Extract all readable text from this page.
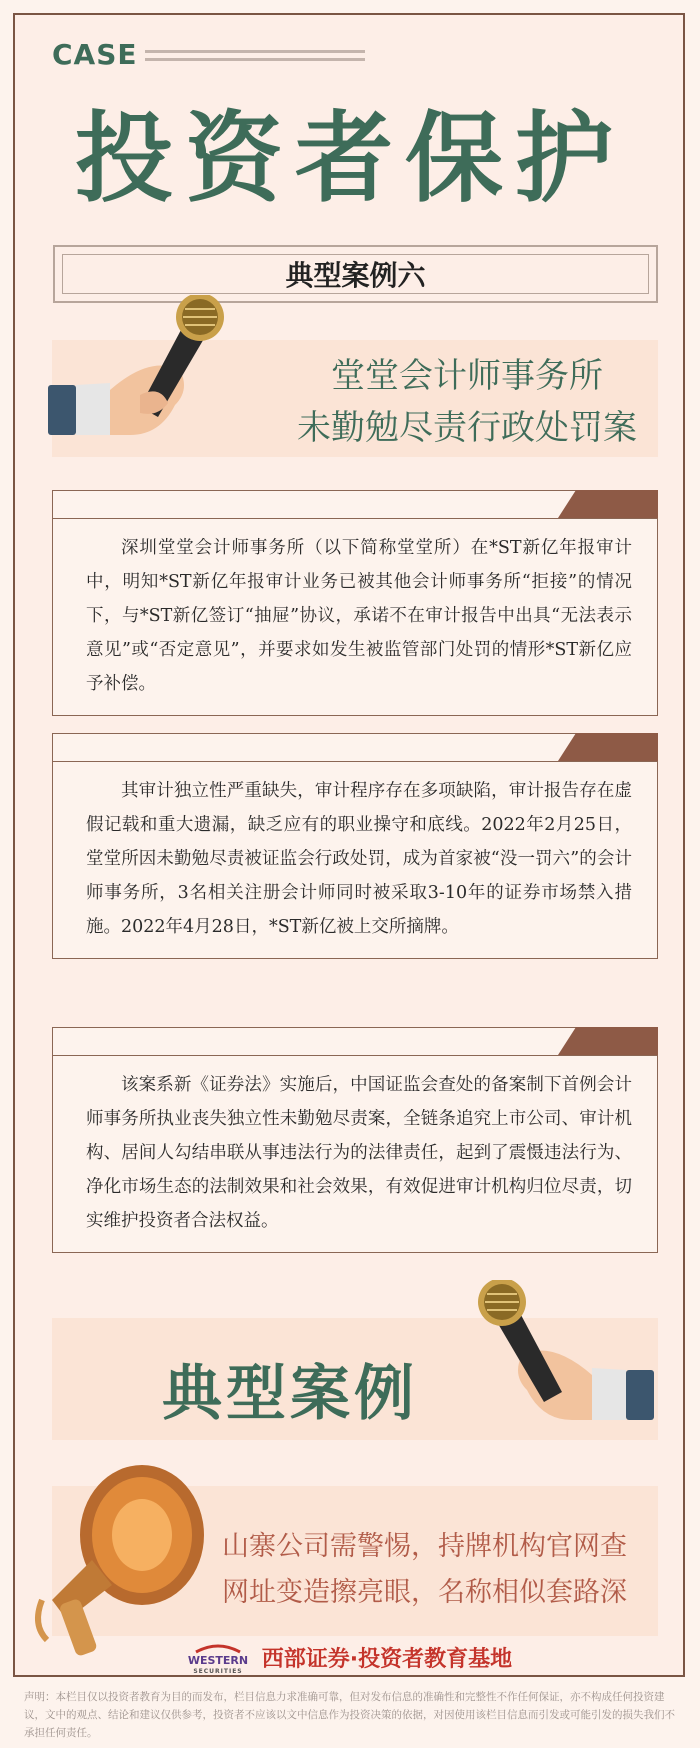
CASE
投资者保护
典型案例六
堂堂会计师事务所
未勤勉尽责行政处罚案
深圳堂堂会计师事务所（以下简称堂堂所）在*ST新亿年报审计中，明知*ST新亿年报审计业务已被其他会计师事务所“拒接”的情况下，与*ST新亿签订“抽屉”协议，承诺不在审计报告中出具“无法表示意见”或“否定意见”，并要求如发生被监管部门处罚的情形*ST新亿应予补偿。
其审计独立性严重缺失，审计程序存在多项缺陷，审计报告存在虚假记载和重大遗漏，缺乏应有的职业操守和底线。2022年2月25日，堂堂所因未勤勉尽责被证监会行政处罚，成为首家被“没一罚六”的会计师事务所，3名相关注册会计师同时被采取3-10年的证券市场禁入措施。2022年4月28日，*ST新亿被上交所摘牌。
该案系新《证券法》实施后，中国证监会查处的备案制下首例会计师事务所执业丧失独立性未勤勉尽责案，全链条追究上市公司、审计机构、居间人勾结串联从事违法行为的法律责任，起到了震慑违法行为、净化市场生态的法制效果和社会效果，有效促进审计机构归位尽责，切实维护投资者合法权益。
典型案例
山寨公司需警惕，持牌机构官网查
网址变造擦亮眼，名称相似套路深
WESTERN
SECURITIES 西部证券·投资者教育基地
声明：本栏目仅以投资者教育为目的而发布，栏目信息力求准确可靠，但对发布信息的准确性和完整性不作任何保证，亦不构成任何投资建议，文中的观点、结论和建议仅供参考，投资者不应该以文中信息作为投资决策的依据，对因使用该栏目信息而引发或可能引发的损失我们不承担任何责任。
